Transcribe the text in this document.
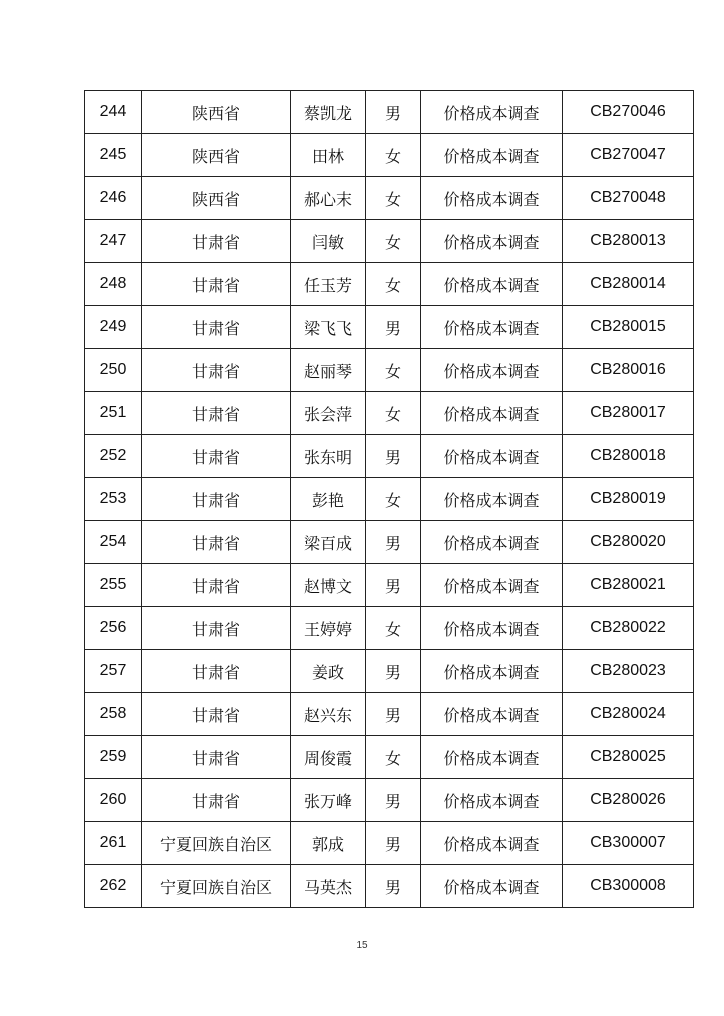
244	陕西省	蔡凯龙	男	价格成本调查	CB270046
245	陕西省	田林	女	价格成本调查	CB270047
246	陕西省	郝心末	女	价格成本调查	CB270048
247	甘肃省	闫敏	女	价格成本调查	CB280013
248	甘肃省	任玉芳	女	价格成本调查	CB280014
249	甘肃省	梁飞飞	男	价格成本调查	CB280015
250	甘肃省	赵丽琴	女	价格成本调查	CB280016
251	甘肃省	张会萍	女	价格成本调查	CB280017
252	甘肃省	张东明	男	价格成本调查	CB280018
253	甘肃省	彭艳	女	价格成本调查	CB280019
254	甘肃省	梁百成	男	价格成本调查	CB280020
255	甘肃省	赵博文	男	价格成本调查	CB280021
256	甘肃省	王婷婷	女	价格成本调查	CB280022
257	甘肃省	姜政	男	价格成本调查	CB280023
258	甘肃省	赵兴东	男	价格成本调查	CB280024
259	甘肃省	周俊霞	女	价格成本调查	CB280025
260	甘肃省	张万峰	男	价格成本调查	CB280026
261	宁夏回族自治区	郭成	男	价格成本调查	CB300007
262	宁夏回族自治区	马英杰	男	价格成本调查	CB300008
15
